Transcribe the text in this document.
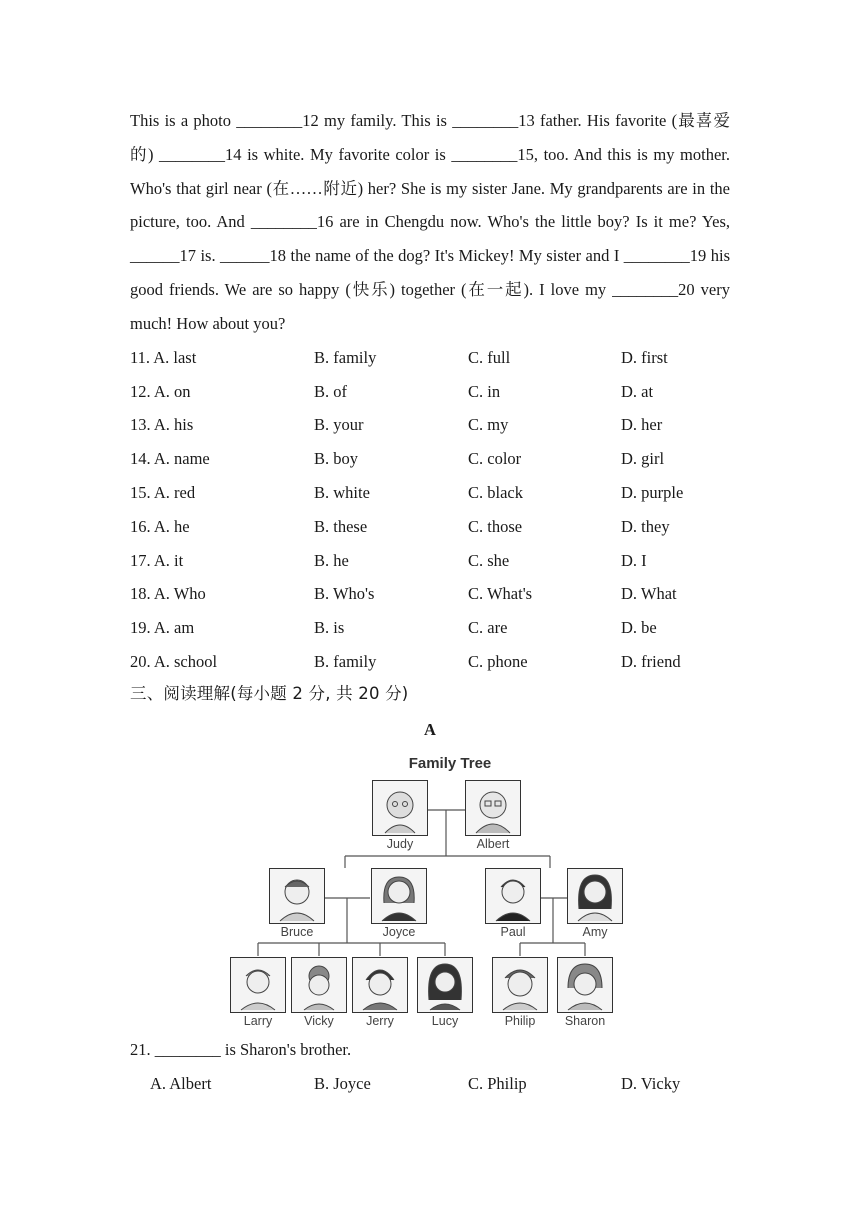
This is a photo ________12 my family. This is ________13 father. His favorite (最喜爱的) ________14 is white. My favorite color is ________15, too. And this is my mother. Who's that girl near (在……附近) her? She is my sister Jane. My grandparents are in the picture, too. And ________16 are in Chengdu now. Who's the little boy? Is it me? Yes, ______17 is. ______18 the name of the dog? It's Mickey! My sister and I ________19 his good friends. We are so happy (快乐) together (在一起). I love my ________20 very much! How about you?

11. A. last	B. family	C. full	D. first
12. A. on	B. of	C. in	D. at
13. A. his	B. your	C. my	D. her
14. A. name	B. boy	C. color	D. girl
15. A. red	B. white	C. black	D. purple
16. A. he	B. these	C. those	D. they
17. A. it	B. he	C. she	D. I
18. A. Who	B. Who's	C. What's	D. What
19. A. am	B. is	C. are	D. be
20. A. school	B. family	C. phone	D. friend
三、阅读理解(每小题 2 分, 共 20 分)
A
Family Tree
Judy	Albert
Bruce	Joyce	Paul	Amy
Larry	Vicky	Jerry	Lucy	Philip	Sharon
21. ________ is Sharon's brother.
A. Albert	B. Joyce	C. Philip	D. Vicky
